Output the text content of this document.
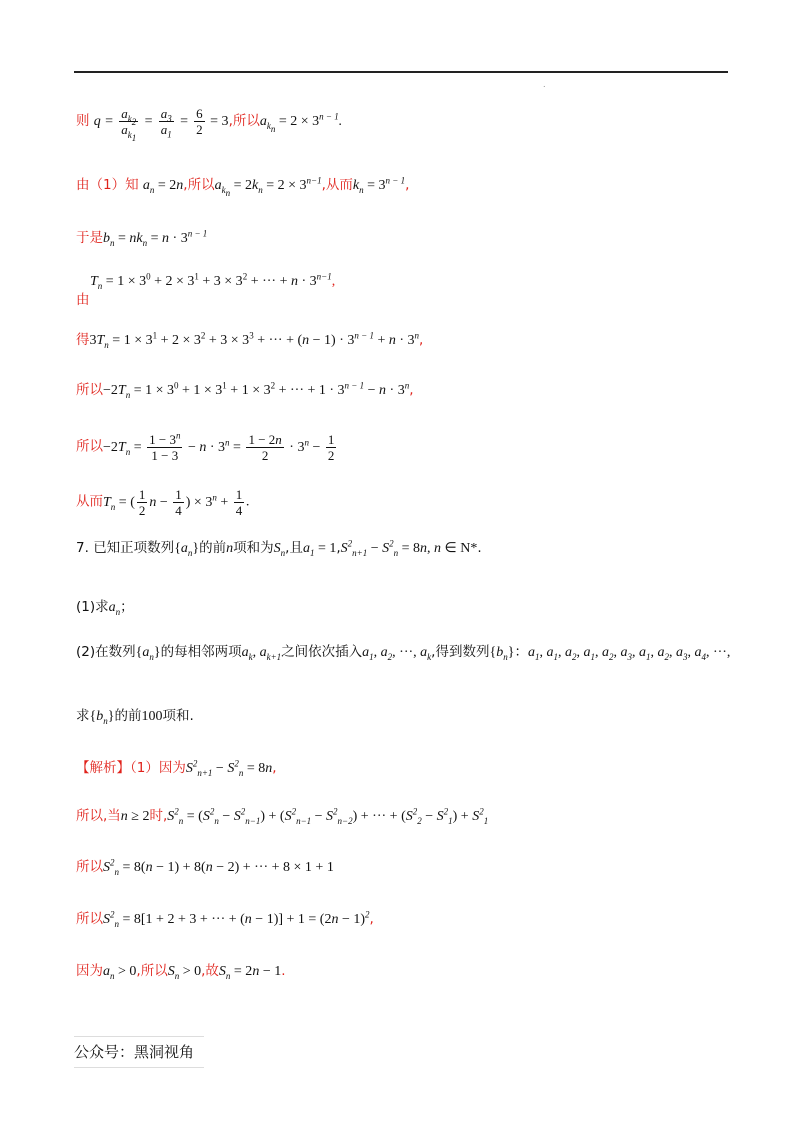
.
则 $q = \frac{a_{k_2}}{a_{k_1}} = \frac{a_3}{a_1} = \frac{6}{2} = 3$,所以$a_{k_n} = 2 \times 3^{n - 1}$.
由（1）知 $a_n = 2n$,所以$a_{k_n} = 2k_n = 2 \times 3^{n-1}$,从而$k_n = 3^{n - 1}$,
于是$b_n = nk_n = n \cdot 3^{n - 1}$
$T_n = 1 \times 3^0 + 2 \times 3^1 + 3 \times 3^2$ + ··· + $n \cdot 3^{n-1}$,
由
得$3T_n = 1 \times 3^1 + 2 \times 3^2 + 3 \times 3^3$ + ··· + $(n - 1) \cdot 3^{n - 1} + n \cdot 3^n$,
所以$-2T_n = 1 \times 3^0 + 1 \times 3^1 + 1 \times 3^2$ + ··· + $1 \cdot 3^{n - 1} - n \cdot 3^n$,
所以$-2T_n = \frac{1 - 3^n}{1 - 3} - n \cdot 3^n = \frac{1 - 2n}{2} \cdot 3^n - \frac{1}{2}$
从而$T_n$ = ( $\frac{1}{2}$ $n - \frac{1}{4}$ ) × $3^n + \frac{1}{4}$ .
7. 已知正项数列$\{a_n\}$的前n项和为$S_n$,且$a_1 = 1,S^2_{n+1} - S^2_n = 8n$, n ∈ N*.
(1)求$a_n$；
(2)在数列$\{a_n\}$的每相邻两项$a_k$, $a_{k+1}$之间依次插入$a_1$, $a_2$, ···, $a_k$,得到数列$\{b_n\}$：$a_1$, $a_1$, $a_2$, $a_1$, $a_2$, $a_3$, $a_1$, $a_2$, $a_3$, $a_4$, ···,
求$\{b_n\}$的前100项和.
【解析】（1）因为$S^2_{n+1} - S^2_n = 8n$,
所以,当n ≥ 2时$,S^2_n = (S^2_n - S^2_{n-1}) + (S^2_{n-1} - S^2_{n-2})$ + ··· + $(S^2_2 - S^2_1) + S^2_1$
所以$S^2_n = 8(n - 1) + 8(n - 2)$ + ··· + 8 × 1 + 1
所以$S^2_n = 8[1 + 2 + 3$ + ··· + $(n - 1)] + 1 = (2n - 1)^2$,
因为$a_n > 0$,所以$S_n > 0$,故$S_n = 2n - 1$.
公众号：黑洞视角
